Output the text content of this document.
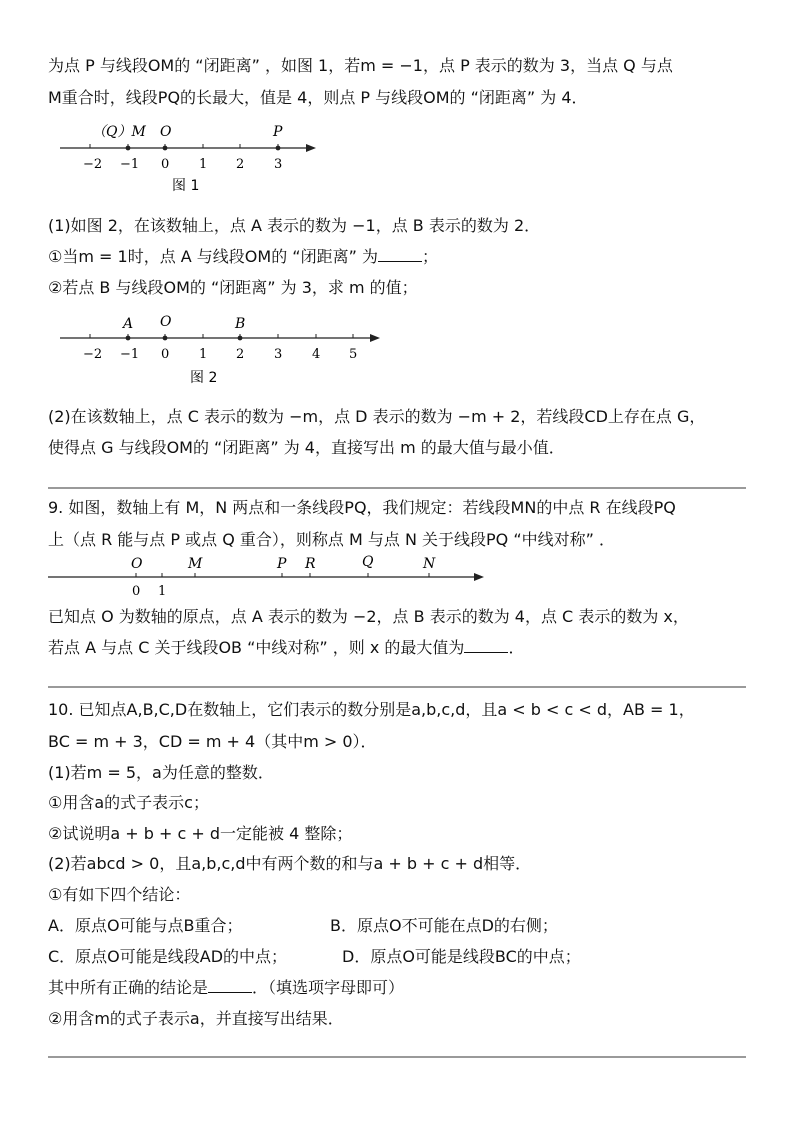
为点 P 与线段OM的 “闭距离” ，如图 1，若m = −1，点 P 表示的数为 3，当点 Q 与点
M重合时，线段PQ的长最大，值是 4，则点 P 与线段OM的 “闭距离” 为 4．
（Q）M O	P
−2 −1 0 1 2 3
图 1
(1)如图 2，在该数轴上，点 A 表示的数为 −1，点 B 表示的数为 2．
①当m = 1时，点 A 与线段OM的 “闭距离” 为	；
②若点 B 与线段OM的 “闭距离” 为 3，求 m 的值；
A O	B
−2 −1 0 1 2 3 4 5
图 2
(2)在该数轴上，点 C 表示的数为 −m，点 D 表示的数为 −m + 2，若线段CD上存在点 G，
使得点 G 与线段OM的 “闭距离” 为 4，直接写出 m 的最大值与最小值．
9. 如图，数轴上有 M，N 两点和一条线段PQ，我们规定：若线段MN的中点 R 在线段PQ
上（点 R 能与点 P 或点 Q 重合），则称点 M 与点 N 关于线段PQ “中线对称” ．
O	M	P R	Q	N
0 1
已知点 O 为数轴的原点，点 A 表示的数为 −2，点 B 表示的数为 4，点 C 表示的数为 x，
若点 A 与点 C 关于线段OB “中线对称” ，则 x 的最大值为	．
10. 已知点A,B,C,D在数轴上，它们表示的数分别是a,b,c,d，且a < b < c < d，AB = 1，
BC = m + 3，CD = m + 4（其中m > 0）．
(1)若m = 5，a为任意的整数．
①用含a的式子表示c；
②试说明a + b + c + d一定能被 4 整除；
(2)若abcd > 0，且a,b,c,d中有两个数的和与a + b + c + d相等．
①有如下四个结论：
A．原点O可能与点B重合；	B．原点O不可能在点D的右侧；
C．原点O可能是线段AD的中点；	D．原点O可能是线段BC的中点；
其中所有正确的结论是	．（填选项字母即可）
②用含m的式子表示a，并直接写出结果．
